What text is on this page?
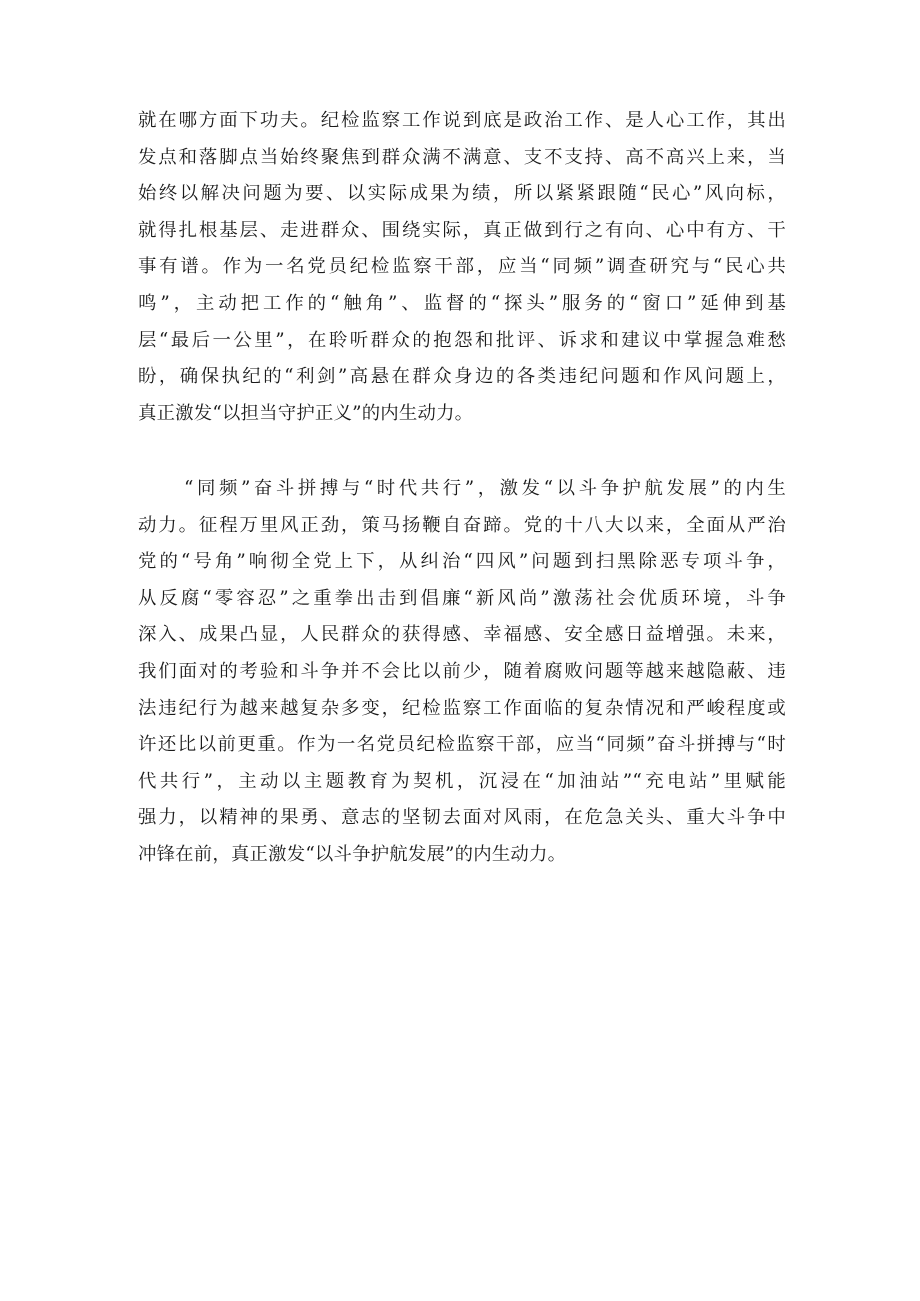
就在哪方面下功夫。纪检监察工作说到底是政治工作、是人心工作，其出
发点和落脚点当始终聚焦到群众满不满意、支不支持、高不高兴上来，当
始终以解决问题为要、以实际成果为绩，所以紧紧跟随“民心”风向标，
就得扎根基层、走进群众、围绕实际，真正做到行之有向、心中有方、干
事有谱。作为一名党员纪检监察干部，应当“同频”调查研究与“民心共
鸣”，主动把工作的“触角”、监督的“探头”服务的“窗口”延伸到基
层“最后一公里”，在聆听群众的抱怨和批评、诉求和建议中掌握急难愁
盼，确保执纪的“利剑”高悬在群众身边的各类违纪问题和作风问题上，
真正激发“以担当守护正义”的内生动力。
“同频”奋斗拼搏与“时代共行”，激发“以斗争护航发展”的内生
动力。征程万里风正劲，策马扬鞭自奋蹄。党的十八大以来，全面从严治
党的“号角”响彻全党上下，从纠治“四风”问题到扫黑除恶专项斗争，
从反腐“零容忍”之重拳出击到倡廉“新风尚”激荡社会优质环境，斗争
深入、成果凸显，人民群众的获得感、幸福感、安全感日益增强。未来，
我们面对的考验和斗争并不会比以前少，随着腐败问题等越来越隐蔽、违
法违纪行为越来越复杂多变，纪检监察工作面临的复杂情况和严峻程度或
许还比以前更重。作为一名党员纪检监察干部，应当“同频”奋斗拼搏与“时
代共行”，主动以主题教育为契机，沉浸在“加油站”“充电站”里赋能
强力，以精神的果勇、意志的坚韧去面对风雨，在危急关头、重大斗争中
冲锋在前，真正激发“以斗争护航发展”的内生动力。
